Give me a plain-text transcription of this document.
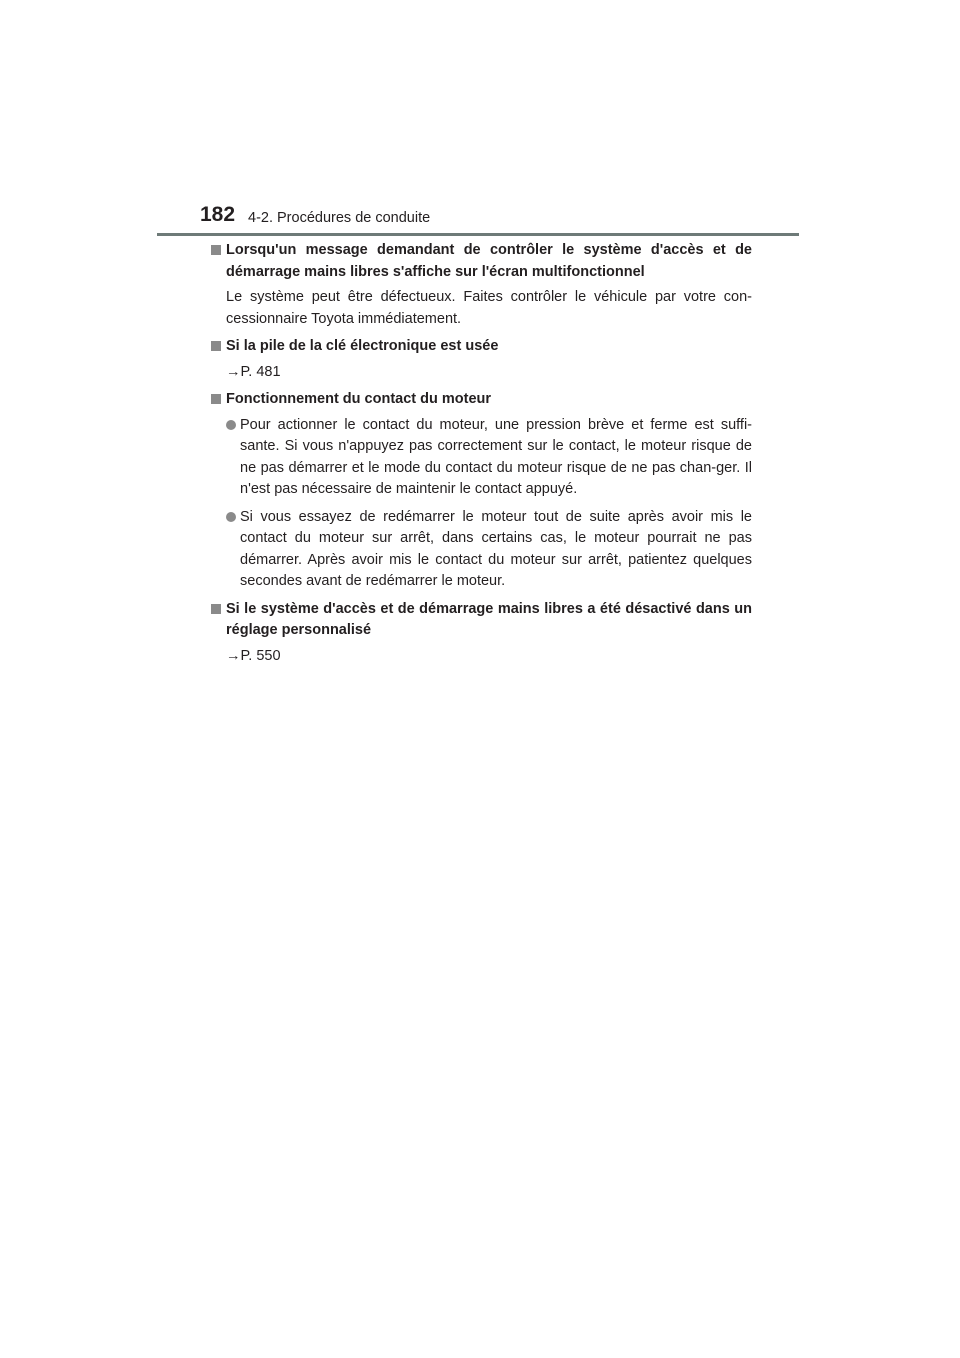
182 4-2. Procédures de conduite
Lorsqu'un message demandant de contrôler le système d'accès et de démarrage mains libres s'affiche sur l'écran multifonctionnel
Le système peut être défectueux. Faites contrôler le véhicule par votre con-cessionnaire Toyota immédiatement.
Si la pile de la clé électronique est usée
→P. 481
Fonctionnement du contact du moteur
Pour actionner le contact du moteur, une pression brève et ferme est suffi-sante. Si vous n'appuyez pas correctement sur le contact, le moteur risque de ne pas démarrer et le mode du contact du moteur risque de ne pas chan-ger. Il n'est pas nécessaire de maintenir le contact appuyé.
Si vous essayez de redémarrer le moteur tout de suite après avoir mis le contact du moteur sur arrêt, dans certains cas, le moteur pourrait ne pas démarrer. Après avoir mis le contact du moteur sur arrêt, patientez quelques secondes avant de redémarrer le moteur.
Si le système d'accès et de démarrage mains libres a été désactivé dans un réglage personnalisé
→P. 550
